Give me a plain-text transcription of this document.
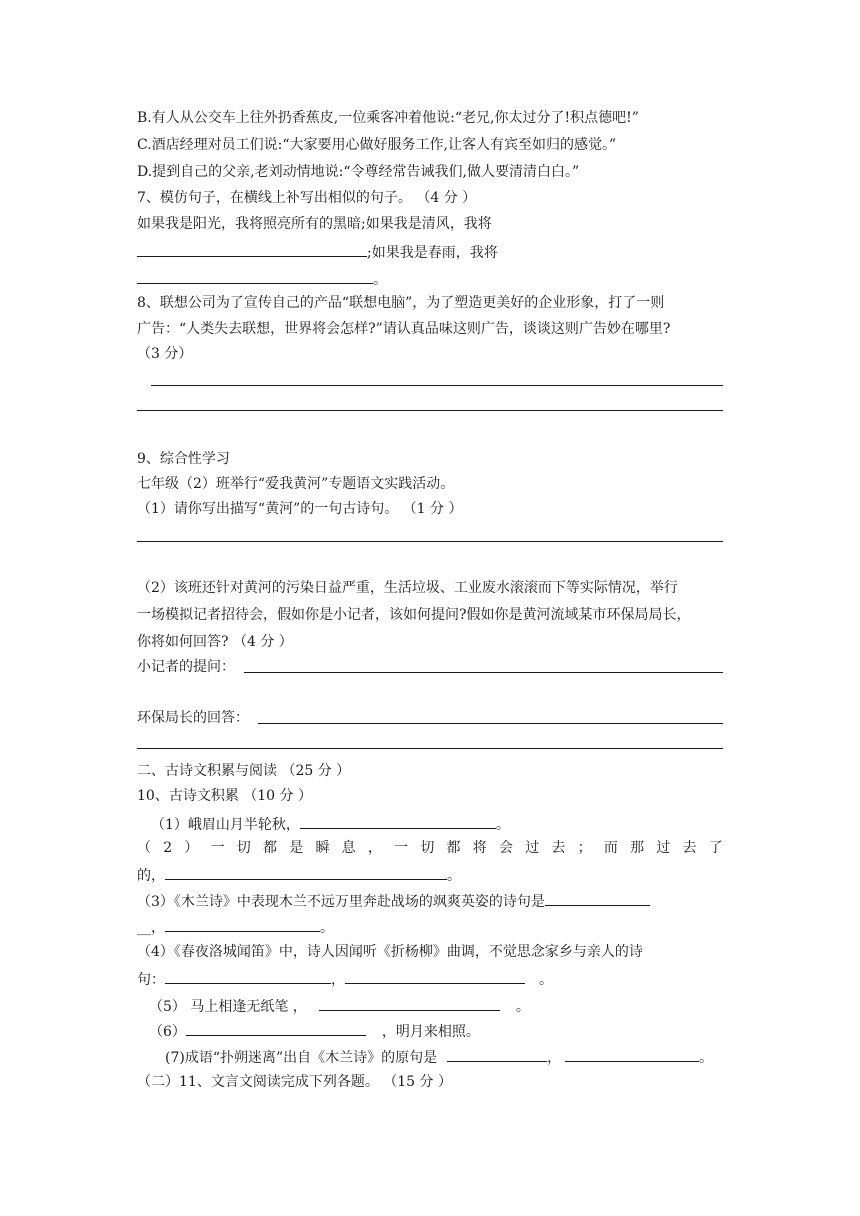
B.有人从公交车上往外扔香蕉皮,一位乘客冲着他说:“老兄,你太过分了!积点德吧!”
C.酒店经理对员工们说:“大家要用心做好服务工作,让客人有宾至如归的感觉。”
D.提到自己的父亲,老刘动情地说:“令尊经常告诫我们,做人要清清白白。”
7、模仿句子，在横线上补写出相似的句子。 （4 分 ）
如果我是阳光，我将照亮所有的黑暗;如果我是清风，我将
;如果我是春雨，我将
。
8、联想公司为了宣传自己的产品“联想电脑”，为了塑造更美好的企业形象，打了一则
广告：“人类失去联想，世界将会怎样?”请认真品味这则广告，谈谈这则广告妙在哪里?
（3 分）
9、综合性学习
七年级（2）班举行“爱我黄河”专题语文实践活动。
（1）请你写出描写“黄河”的一句古诗句。 （1 分 ）
（2）该班还针对黄河的污染日益严重，生活垃圾、工业废水滚滚而下等实际情况，举行
一场模拟记者招待会，假如你是小记者，该如何提问?假如你是黄河流域某市环保局局长，
你将如何回答? （4 分 ）
小记者的提问：
环保局长的回答：
二、古诗文积累与阅读 （25 分 ）
10、古诗文积累 （10 分 ）
（1）峨眉山月半轮秋，	。
（ 2 ） 一 切 都 是 瞬 息 ， 一 切 都 将 会 过 去 ； 而 那 过 去 了
的，	。
（3）《木兰诗》中表现木兰不远万里奔赴战场的飒爽英姿的诗句是
__，	。
（4）《春夜洛城闻笛》中，诗人因闻听《折杨柳》曲调，不觉思念家乡与亲人的诗
句：	，	。
（5） 马上相逢无纸笔 ，	。
（6）	，明月来相照。
(7)成语“扑朔迷离”出自《木兰诗》的原句是	，	。
（二）11、文言文阅读完成下列各题。 （15 分 ）
